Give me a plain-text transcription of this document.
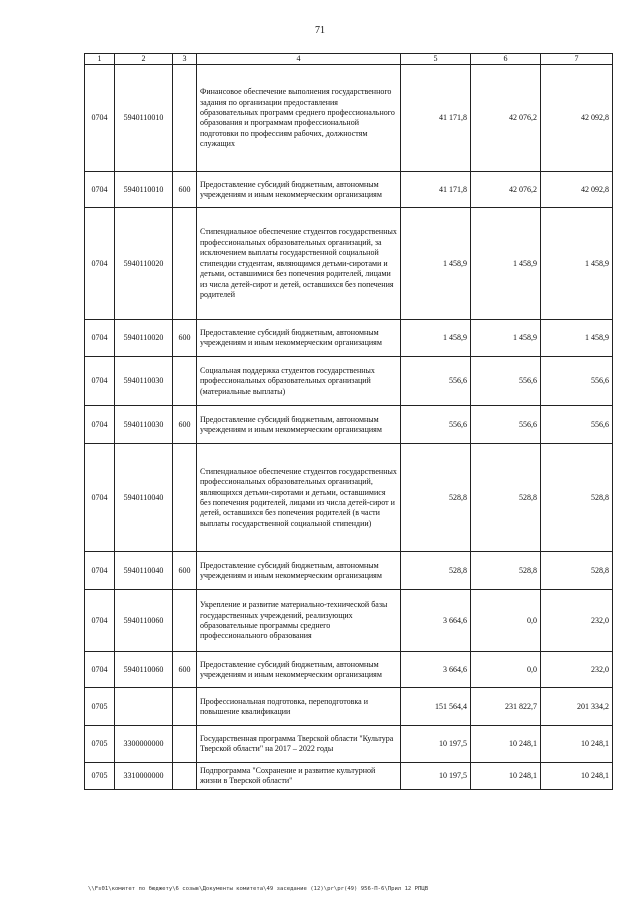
71
1	2	3	4	5	6	7
0704	5940110010		Финансовое обеспечение выполнения государственного задания по организации предоставления образовательных программ среднего профессионального образования и программам профессиональной подготовки по профессиям рабочих, должностям служащих	41 171,8	42 076,2	42 092,8
0704	5940110010	600	Предоставление субсидий бюджетным, автономным учреждениям и иным некоммерческим организациям	41 171,8	42 076,2	42 092,8
0704	5940110020		Стипендиальное обеспечение студентов государственных профессиональных образовательных организаций, за исключением выплаты государственной социальной стипендии студентам, являющимся детьми-сиротами и детьми, оставшимися без попечения родителей, лицами из числа детей-сирот и детей, оставшихся без попечения родителей	1 458,9	1 458,9	1 458,9
0704	5940110020	600	Предоставление субсидий бюджетным, автономным учреждениям и иным некоммерческим организациям	1 458,9	1 458,9	1 458,9
0704	5940110030		Социальная поддержка студентов государственных профессиональных образовательных организаций (материальные выплаты)	556,6	556,6	556,6
0704	5940110030	600	Предоставление субсидий бюджетным, автономным учреждениям и иным некоммерческим организациям	556,6	556,6	556,6
0704	5940110040		Стипендиальное обеспечение студентов государственных профессиональных образовательных организаций, являющихся детьми-сиротами и детьми, оставшимися без попечения родителей, лицами из числа детей-сирот и детей, оставшихся без попечения родителей (в части выплаты государственной социальной стипендии)	528,8	528,8	528,8
0704	5940110040	600	Предоставление субсидий бюджетным, автономным учреждениям и иным некоммерческим организациям	528,8	528,8	528,8
0704	5940110060		Укрепление и развитие материально-технической базы государственных учреждений, реализующих образовательные программы среднего профессионального образования	3 664,6	0,0	232,0
0704	5940110060	600	Предоставление субсидий бюджетным, автономным учреждениям и иным некоммерческим организациям	3 664,6	0,0	232,0
0705			Профессиональная подготовка, переподготовка и повышение квалификации	151 564,4	231 822,7	201 334,2
0705	3300000000		Государственная программа Тверской области "Культура Тверской области" на 2017 – 2022 годы	10 197,5	10 248,1	10 248,1
0705	3310000000		Подпрограмма "Сохранение и развитие культурной жизни в Тверской области"	10 197,5	10 248,1	10 248,1
\\Fs01\комитет по бюджету\6 созыв\Документы комитета\49 заседание (12)\pr\pr(49) 956-П-6\Прил 12 РПЦВ
